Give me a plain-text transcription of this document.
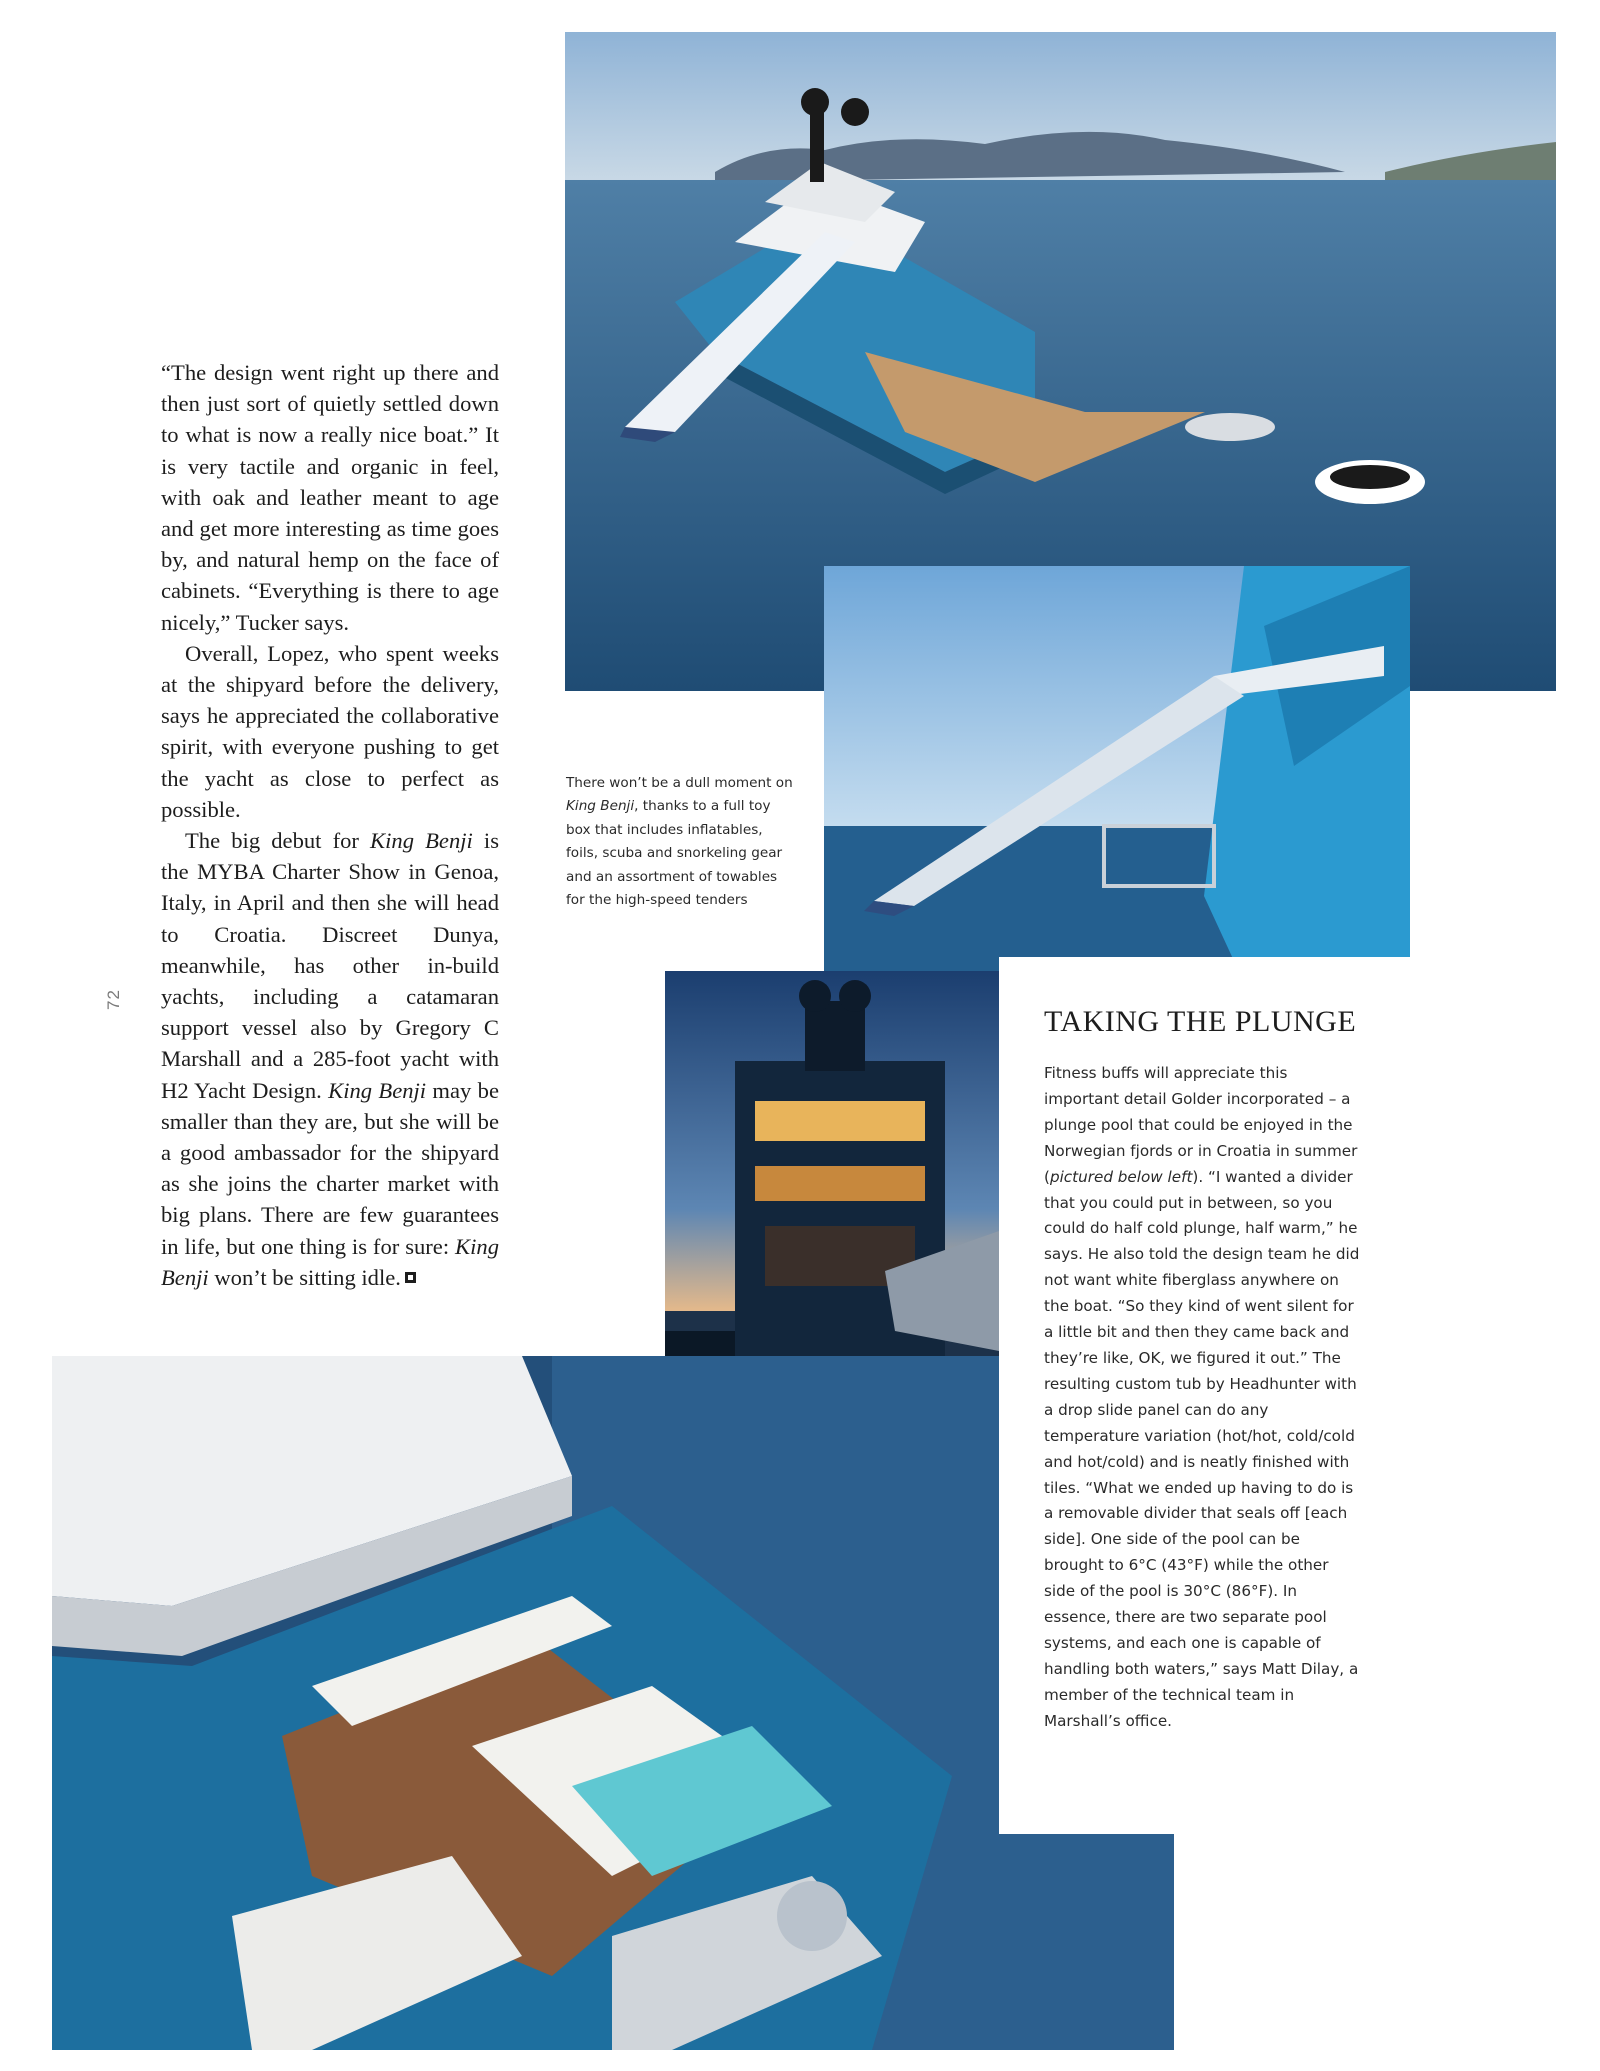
“The design went right up there and then just sort of quietly settled down to what is now a really nice boat.” It is very tactile and organic in feel, with oak and leather meant to age and get more interesting as time goes by, and natural hemp on the face of cabinets. “Everything is there to age nicely,” Tucker says.

Overall, Lopez, who spent weeks at the shipyard before the delivery, says he appreciated the collaborative spirit, with everyone pushing to get the yacht as close to perfect as possible.

The big debut for King Benji is the MYBA Charter Show in Genoa, Italy, in April and then she will head to Croatia. Discreet Dunya, meanwhile, has other in-build yachts, including a catamaran support vessel also by Gregory C Marshall and a 285-foot yacht with H2 Yacht Design. King Benji may be smaller than they are, but she will be a good ambassador for the shipyard as she joins the charter market with big plans. There are few guarantees in life, but one thing is for sure: King Benji won’t be sitting idle.

72
There won’t be a dull moment on King Benji, thanks to a full toy box that includes inflatables, foils, scuba and snorkeling gear and an assortment of towables for the high-speed tenders
TAKING THE PLUNGE

Fitness buffs will appreciate this important detail Golder incorporated – a plunge pool that could be enjoyed in the Norwegian fjords or in Croatia in summer (pictured below left). “I wanted a divider that you could put in between, so you could do half cold plunge, half warm,” he says. He also told the design team he did not want white fiberglass anywhere on the boat. “So they kind of went silent for a little bit and then they came back and they’re like, OK, we figured it out.” The resulting custom tub by Headhunter with a drop slide panel can do any temperature variation (hot/hot, cold/cold and hot/cold) and is neatly finished with tiles. “What we ended up having to do is a removable divider that seals off [each side]. One side of the pool can be brought to 6°C (43°F) while the other side of the pool is 30°C (86°F). In essence, there are two separate pool systems, and each one is capable of handling both waters,” says Matt Dilay, a member of the technical team in Marshall’s office.
